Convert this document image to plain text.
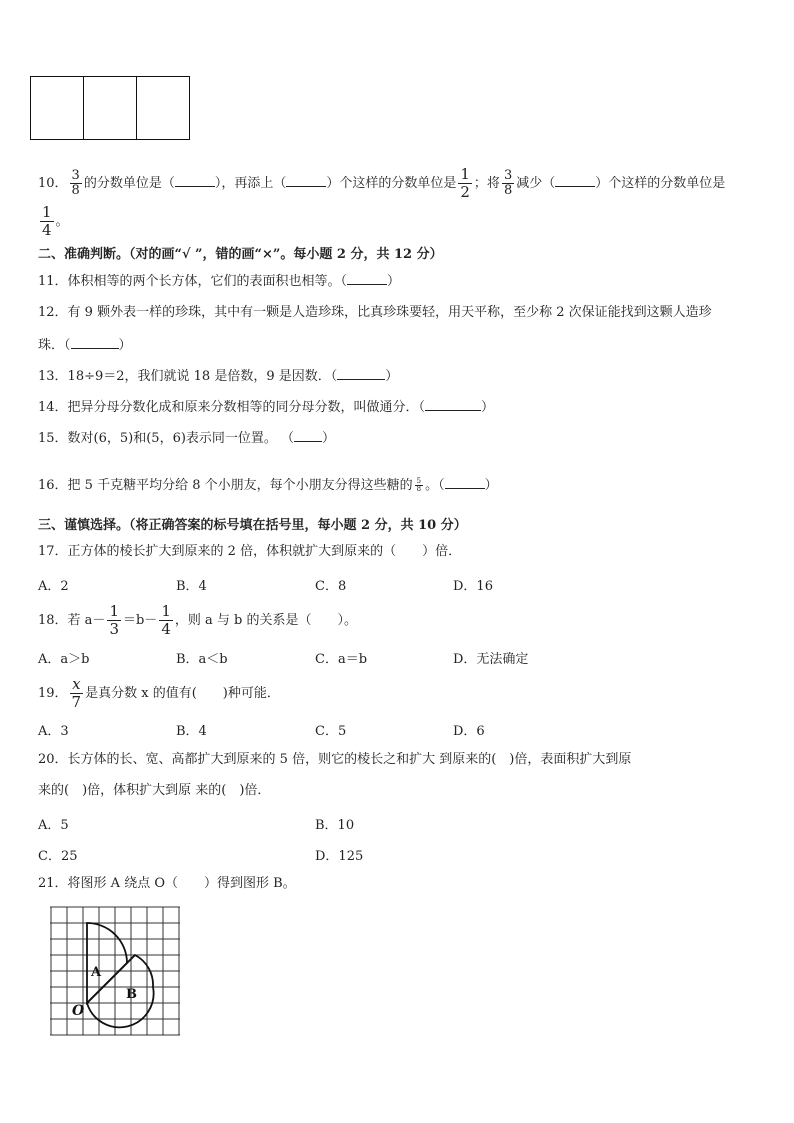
10． $\frac{3}{8}$ 的分数单位是（	），再添上（	）个这样的分数单位是 $\frac{1}{2}$ ；将 $\frac{3}{8}$ 减少（	）个这样的分数单位是
$\frac{1}{4}$ 。
二、准确判断。（对的画“√ ”，错的画“×”。每小题 2 分，共 12 分）
11．体积相等的两个长方体，它们的表面积也相等。（	）
12．有 9 颗外表一样的珍珠，其中有一颗是人造珍珠，比真珍珠要轻，用天平称，至少称 2 次保证能找到这颗人造珍
珠．（	）
13．18÷9＝2，我们就说 18 是倍数，9 是因数．（	）
14．把异分母分数化成和原来分数相等的同分母分数，叫做通分．（	）
15．数对(6，5)和(5，6)表示同一位置。 （ ）
16．把 5 千克糖平均分给 8 个小朋友，每个小朋友分得这些糖的 $\frac{5}{8}$ 。（	）
三、谨慎选择。（将正确答案的标号填在括号里，每小题 2 分，共 10 分）
17．正方体的棱长扩大到原来的 2 倍，体积就扩大到原来的（　　）倍．
A．2	B．4	C．8	D．16
18．若 $a- \frac{1}{3} =b- \frac{1}{4}$ ，则 a 与 b 的关系是（　　）。
A．a＞b	B．a＜b	C．a＝b	D．无法确定
19． $\frac{x}{7}$ 是真分数 x 的值有(　　)种可能．
A．3	B．4	C．5	D．6
20．长方体的长、宽、高都扩大到原来的 5 倍，则它的棱长之和扩大 到原来的(　)倍，表面积扩大到原
来的(　)倍，体积扩大到原 来的(　)倍．
A．5	B．10
C．25	D．125
21．将图形 A 绕点 O（　　）得到图形 B。
A
B
O
